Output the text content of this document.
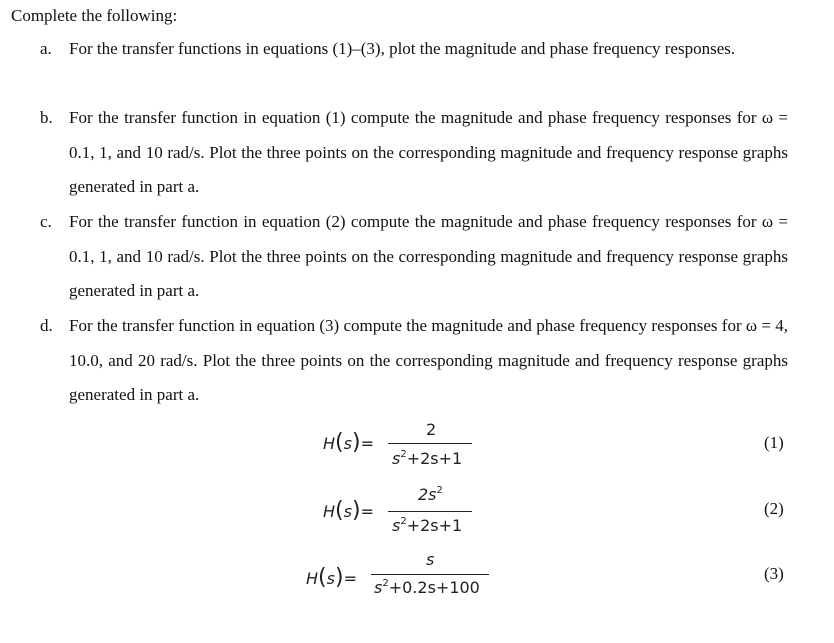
Complete the following:
a. For the transfer functions in equations (1)–(3), plot the magnitude and phase frequency responses.
b. For the transfer function in equation (1) compute the magnitude and phase frequency responses for ω = 0.1, 1, and 10 rad/s. Plot the three points on the corresponding magnitude and frequency response graphs generated in part a.
c. For the transfer function in equation (2) compute the magnitude and phase frequency responses for ω = 0.1, 1, and 10 rad/s. Plot the three points on the corresponding magnitude and frequency response graphs generated in part a.
d. For the transfer function in equation (3) compute the magnitude and phase frequency responses for ω = 4, 10.0, and 20 rad/s. Plot the three points on the corresponding magnitude and frequency response graphs generated in part a.
H(s)=
2
$s^2+2s+1$
(1)
H(s)=
$2s^2$
$s^2+2s+1$
(2)
H(s)=
s
$s^2+0.2s+100$
(3)
